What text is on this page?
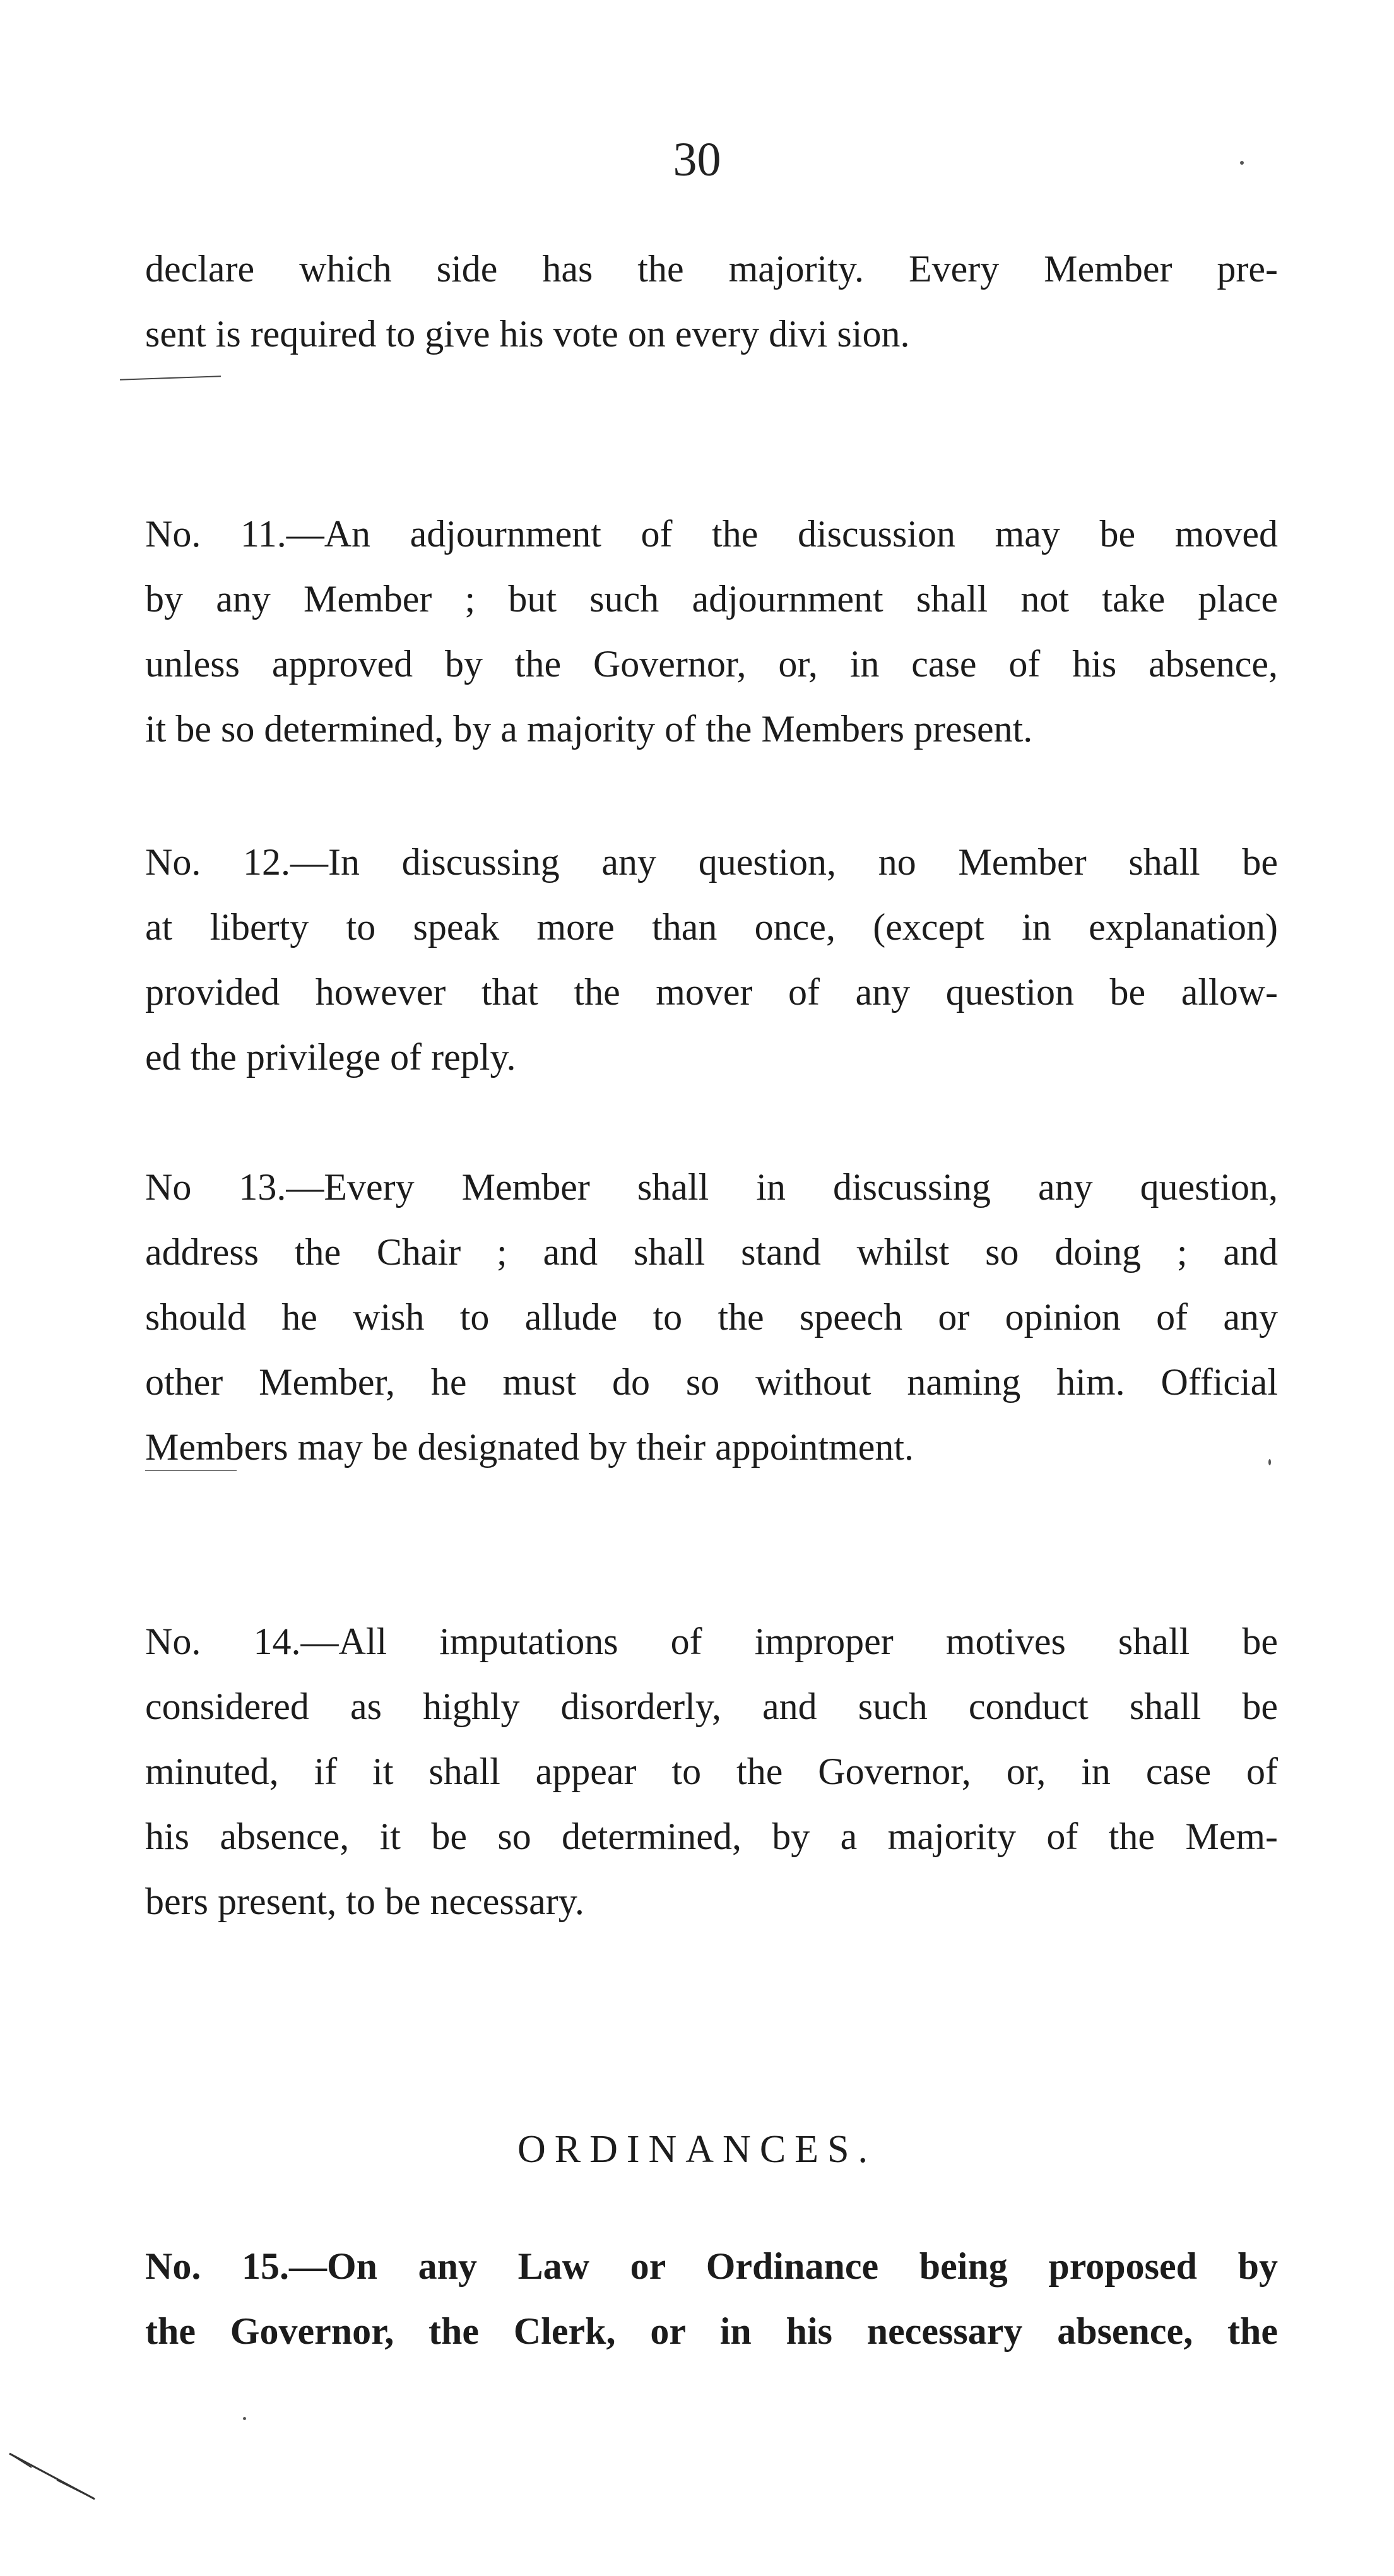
30
declare which side has the majority. Every Member pre-
sent is required to give his vote on every divi sion.
No. 11.—An adjournment of the discussion may be moved
by any Member ; but such adjournment shall not take place
unless approved by the Governor, or, in case of his absence,
it be so determined, by a majority of the Members present.
No. 12.—In discussing any question, no Member shall be
at liberty to speak more than once, (except in explanation)
provided however that the mover of any question be allow-
ed the privilege of reply.
No 13.—Every Member shall in discussing any question,
address the Chair ; and shall stand whilst so doing ; and
should he wish to allude to the speech or opinion of any
other Member, he must do so without naming him. Official
Members may be designated by their appointment.
No. 14.—All imputations of improper motives shall be
considered as highly disorderly, and such conduct shall be
minuted, if it shall appear to the Governor, or, in case of
his absence, it be so determined, by a majority of the Mem-
bers present, to be necessary.
ORDINANCES.
No. 15.—On any Law or Ordinance being proposed by
the Governor, the Clerk, or in his necessary absence, the
